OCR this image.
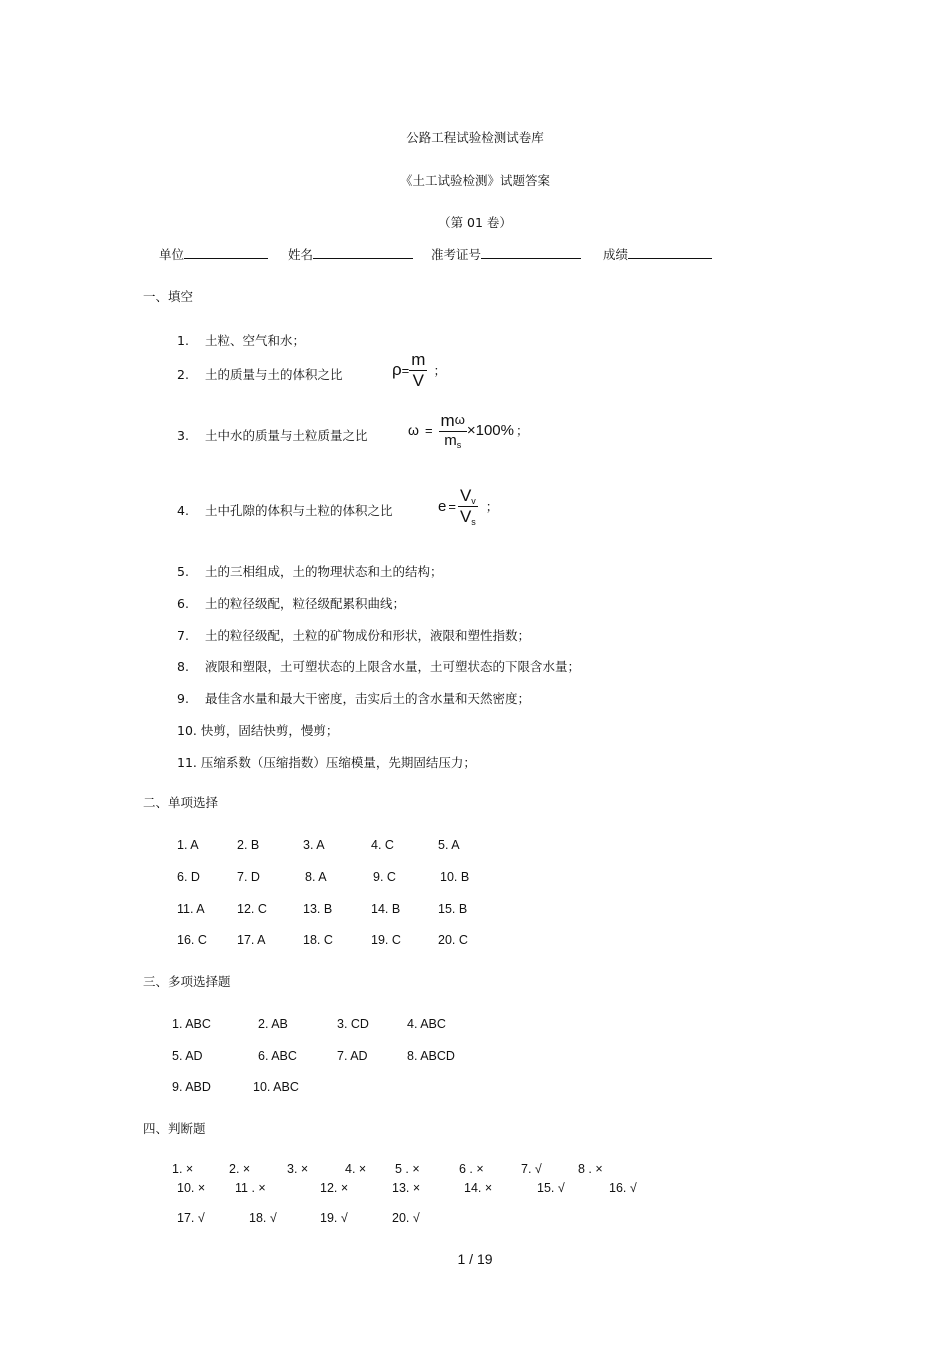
公路工程试验检测试卷库
《土工试验检测》试题答案
（第 01 卷）
单位	姓名	准考证号	成绩
一、填空
1. 土粒、空气和水；
2. 土的质量与土的体积之比	$\rho= \frac{m}{V}$ ；
3. 土中水的质量与土粒质量之比	$\omega = \frac{m\omega}{m_s} \times 100\%$ ；
4. 土中孔隙的体积与土粒的体积之比	$e = \frac{V_v}{V_s}$ ；
5. 土的三相组成，土的物理状态和土的结构；
6. 土的粒径级配，粒径级配累积曲线；
7. 土的粒径级配，土粒的矿物成份和形状，液限和塑性指数；
8. 液限和塑限，土可塑状态的上限含水量，土可塑状态的下限含水量；
9. 最佳含水量和最大干密度，击实后土的含水量和天然密度；
10. 快剪，固结快剪，慢剪；
11. 压缩系数（压缩指数）压缩模量，先期固结压力；
二、单项选择
1. A	2. B	3. A	4. C	5. A
6. D	7. D	8. A	9. C	10. B
11. A	12. C	13. B	14. B	15. B
16. C 17. A	18. C	19. C	20. C
三、多项选择题
1. ABC	2. AB	3. CD	4. ABC
5. AD	6. ABC	7. AD	8. ABCD
9. ABD	10. ABC
四、判断题
1. ×	2. ×	3. ×	4. × 5 . ×	6 . ×	7. √	8 . ×
10. × 11 . ×	12. ×	13. ×	14. ×	15. √	16. √
17. √	18. √	19. √	20. √
1 / 19
